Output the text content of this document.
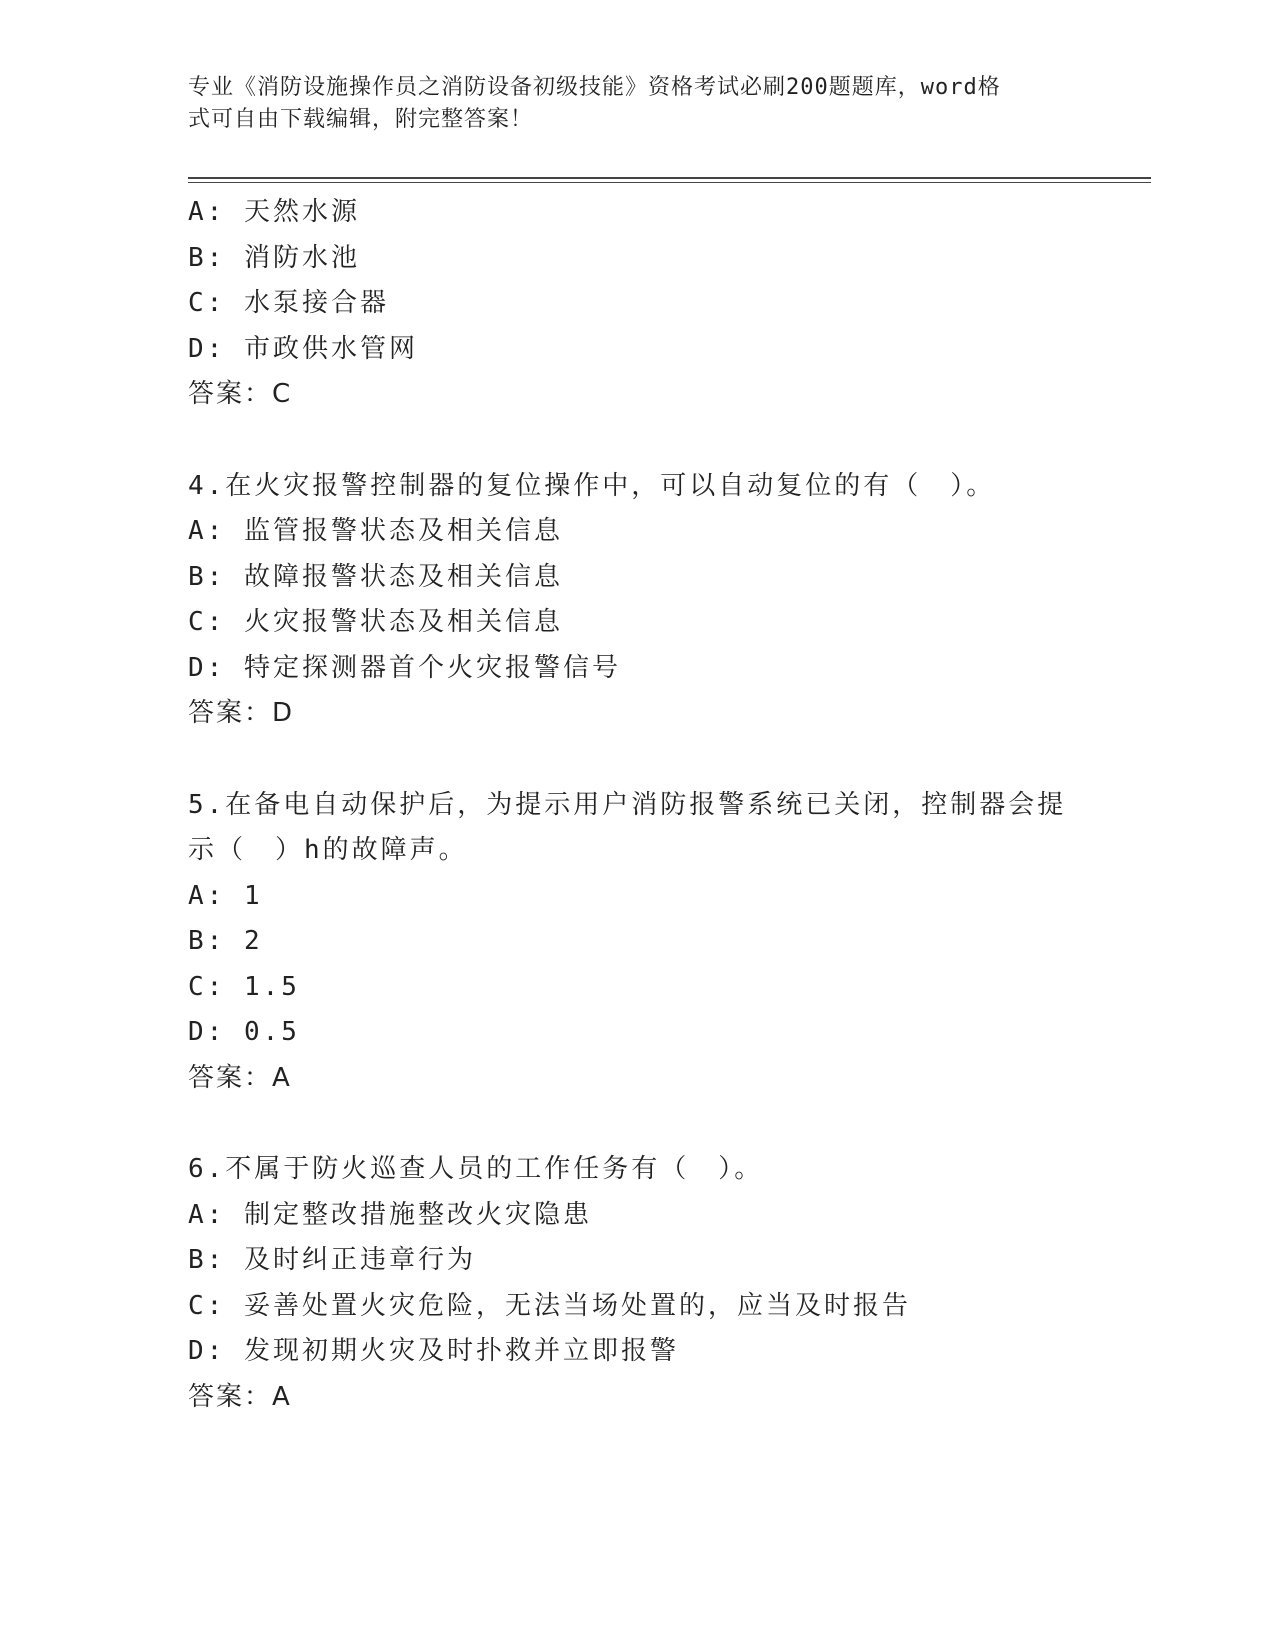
专业《消防设施操作员之消防设备初级技能》资格考试必刷200题题库，word格
式可自由下载编辑，附完整答案！
A: 天然水源
B: 消防水池
C: 水泵接合器
D: 市政供水管网
答案：C
4.在火灾报警控制器的复位操作中，可以自动复位的有（　）。
A: 监管报警状态及相关信息
B: 故障报警状态及相关信息
C: 火灾报警状态及相关信息
D: 特定探测器首个火灾报警信号
答案：D
5.在备电自动保护后，为提示用户消防报警系统已关闭，控制器会提
示（　）h的故障声。
A: 1
B: 2
C: 1.5
D: 0.5
答案：A
6.不属于防火巡查人员的工作任务有（　）。
A: 制定整改措施整改火灾隐患
B: 及时纠正违章行为
C: 妥善处置火灾危险，无法当场处置的，应当及时报告
D: 发现初期火灾及时扑救并立即报警
答案：A
